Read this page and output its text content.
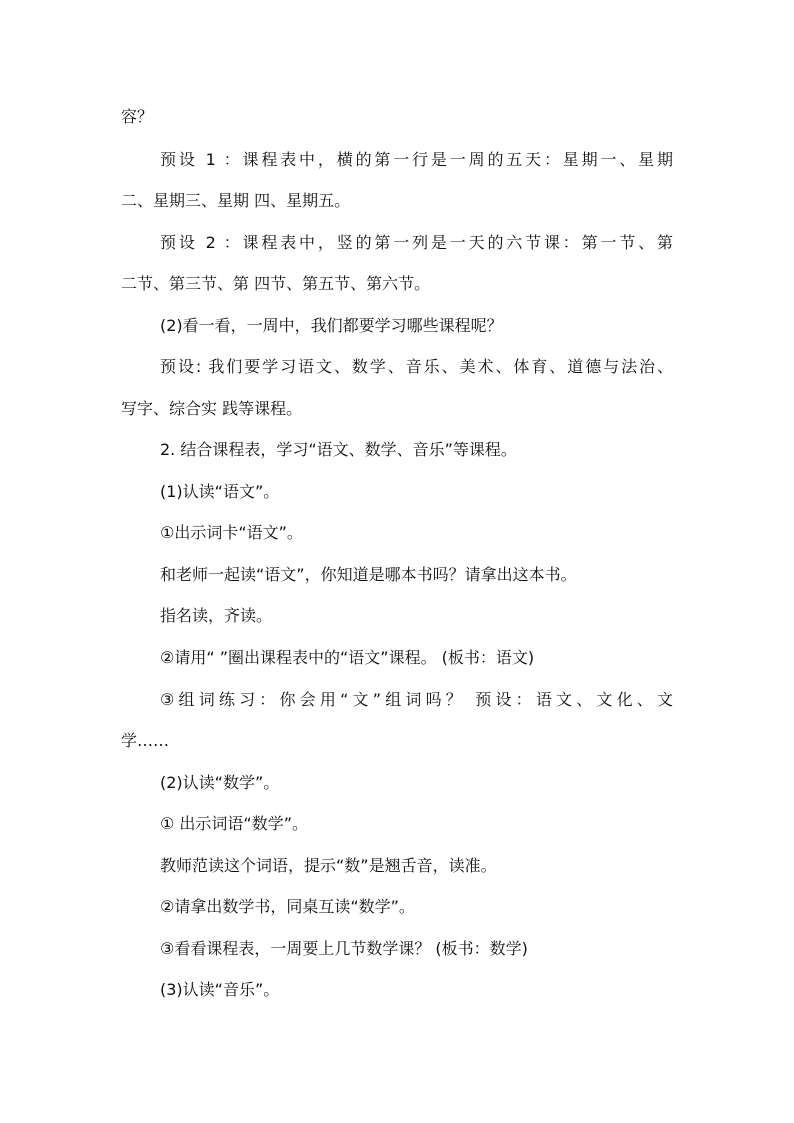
容？
预设 1 ：课程表中，横的第一行是一周的五天：星期一、星期
二、星期三、星期 四、星期五。
预设 2 ：课程表中，竖的第一列是一天的六节课：第一节、第
二节、第三节、第 四节、第五节、第六节。
(2)看一看，一周中，我们都要学习哪些课程呢？
预设: 我们要学习语文、数学、音乐、美术、体育、道德与法治、
写字、综合实 践等课程。
2. 结合课程表，学习“语文、数学、音乐”等课程。
(1)认读“语文”。
①出示词卡“语文”。
和老师一起读“语文”，你知道是哪本书吗？请拿出这本书。
指名读，齐读。
②请用“ ”圈出课程表中的“语文”课程。 (板书：语文)
③组词练习：你会用“文”组词吗？ 预设：语文、文化、文
学……
(2)认读“数学”。
① 出示词语“数学”。
教师范读这个词语，提示“数”是翘舌音，读准。
②请拿出数学书，同桌互读“数学”。
③看看课程表，一周要上几节数学课？ (板书：数学)
(3)认读“音乐”。
